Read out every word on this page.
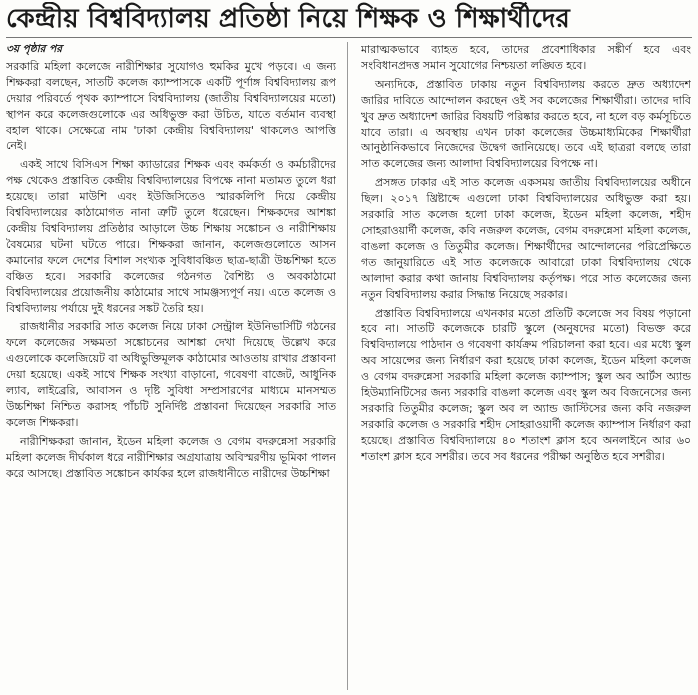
কেন্দ্রীয় বিশ্ববিদ্যালয় প্রতিষ্ঠা নিয়ে শিক্ষক ও শিক্ষার্থীদের
৩য় পৃষ্ঠার পর

সরকারি মহিলা কলেজে নারীশিক্ষার সুযোগও হুমকির মুখে পড়বে। এ জন্য শিক্ষকরা বলছেন, সাতটি কলেজ ক্যাম্পাসকে একটি পূর্ণাঙ্গ বিশ্ববিদ্যালয় রূপ দেয়ার পরিবর্তে পৃথক ক্যাম্পাসে বিশ্ববিদ্যালয় (জাতীয় বিশ্ববিদ্যালয়ের মতো) স্থাপন করে কলেজগুলোকে এর অধিভুক্ত করা উচিত, যাতে বর্তমান ব্যবস্থা বহাল থাকে। সেক্ষেত্রে নাম 'ঢাকা কেন্দ্রীয় বিশ্ববিদ্যালয়' থাকলেও আপত্তি নেই।

একই সাথে বিসিএস শিক্ষা ক্যাডারের শিক্ষক এবং কর্মকর্তা ও কর্মচারীদের পক্ষ থেকেও প্রস্তাবিত কেন্দ্রীয় বিশ্ববিদ্যালয়ের বিপক্ষে নানা মতামত তুলে ধরা হয়েছে। তারা মাউশি এবং ইউজিসিতেও স্মারকলিপি দিয়ে কেন্দ্রীয় বিশ্ববিদ্যালয়ের কাঠামোগত নানা ত্রুটি তুলে ধরেছেন। শিক্ষকদের আশঙ্কা কেন্দ্রীয় বিশ্ববিদ্যালয় প্রতিষ্ঠার আড়ালে উচ্চ শিক্ষায় সঙ্কোচন ও নারীশিক্ষায় বৈষম্যের ঘটনা ঘটতে পারে। শিক্ষকরা জানান, কলেজগুলোতে আসন কমানোর ফলে দেশের বিশাল সংখ্যক সুবিধাবঞ্চিত ছাত্র-ছাত্রী উচ্চশিক্ষা হতে বঞ্চিত হবে। সরকারি কলেজের গঠনগত বৈশিষ্ট্য ও অবকাঠামো বিশ্ববিদ্যালয়ের প্রয়োজনীয় কাঠামোর সাথে সামঞ্জস্যপূর্ণ নয়। এতে কলেজ ও বিশ্ববিদ্যালয় পর্যায়ে দুই ধরনের সঙ্কট তৈরি হয়।

রাজধানীর সরকারি সাত কলেজ নিয়ে ঢাকা সেন্ট্রাল ইউনিভার্সিটি গঠনের ফলে কলেজের সক্ষমতা সঙ্কোচনের আশঙ্কা দেখা দিয়েছে উল্লেখ করে এগুলোকে কলেজিয়েট বা অধিভুক্তিমূলক কাঠামোর আওতায় রাখার প্রস্তাবনা দেয়া হয়েছে। একই সাথে শিক্ষক সংখ্যা বাড়ানো, গবেষণা বাজেট, আধুনিক ল্যাব, লাইব্রেরি, আবাসন ও দৃষ্টি সুবিধা সম্প্রসারণের মাধ্যমে মানসম্মত উচ্চশিক্ষা নিশ্চিত করাসহ পাঁচটি সুনির্দিষ্ট প্রস্তাবনা দিয়েছেন সরকারি সাত কলেজ শিক্ষকরা।

নারীশিক্ষকরা জানান, ইডেন মহিলা কলেজ ও বেগম বদরুন্নেসা সরকারি মহিলা কলেজ দীর্ঘকাল ধরে নারীশিক্ষার অগ্রযাত্রায় অবিস্মরণীয় ভূমিকা পালন করে আসছে। প্রস্তাবিত সঙ্কোচন কার্যকর হলে রাজধানীতে নারীদের উচ্চশিক্ষা

মারাত্মকভাবে ব্যাহত হবে, তাদের প্রবেশাধিকার সঙ্কীর্ণ হবে এবং সংবিধানপ্রদত্ত সমান সুযোগের নিশ্চয়তা লঙ্ঘিত হবে।

অন্যদিকে, প্রস্তাবিত ঢাকায় নতুন বিশ্ববিদ্যালয় করতে দ্রুত অধ্যাদেশ জারির দাবিতে আন্দোলন করছেন ওই সব কলেজের শিক্ষার্থীরা। তাদের দাবি খুব দ্রুত অধ্যাদেশ জারির বিষয়টি পরিষ্কার করতে হবে, না হলে বড় কর্মসূচিতে যাবে তারা। এ অবস্থায় এখন ঢাকা কলেজের উচ্চমাধ্যমিকের শিক্ষার্থীরা আনুষ্ঠানিকভাবে নিজেদের উদ্বেগ জানিয়েছে। তবে এই ছাত্ররা বলছে তারা সাত কলেজের জন্য আলাদা বিশ্ববিদ্যালয়ের বিপক্ষে না।

প্রসঙ্গত ঢাকার এই সাত কলেজ একসময় জাতীয় বিশ্ববিদ্যালয়ের অধীনে ছিল। ২০১৭ খ্রিষ্টাব্দে এগুলো ঢাকা বিশ্ববিদ্যালয়ের অধিভুক্ত করা হয়। সরকারি সাত কলেজ হলো ঢাকা কলেজ, ইডেন মহিলা কলেজ, শহীদ সোহরাওয়ার্দী কলেজ, কবি নজরুল কলেজ, বেগম বদরুন্নেসা মহিলা কলেজ, বাঙলা কলেজ ও তিতুমীর কলেজ। শিক্ষার্থীদের আন্দোলনের পরিপ্রেক্ষিতে গত জানুয়ারিতে এই সাত কলেজকে আবারো ঢাকা বিশ্ববিদ্যালয় থেকে আলাদা করার কথা জানায় বিশ্ববিদ্যালয় কর্তৃপক্ষ। পরে সাত কলেজের জন্য নতুন বিশ্ববিদ্যালয় করার সিদ্ধান্ত নিয়েছে সরকার।

প্রস্তাবিত বিশ্ববিদ্যালয়ে এখনকার মতো প্রতিটি কলেজে সব বিষয় পড়ানো হবে না। সাতটি কলেজকে চারটি স্কুলে (অনুষদের মতো) বিভক্ত করে বিশ্ববিদ্যালয়ে পাঠদান ও গবেষণা কার্যক্রম পরিচালনা করা হবে। এর মধ্যে স্কুল অব সায়েন্সের জন্য নির্ধারণ করা হয়েছে ঢাকা কলেজ, ইডেন মহিলা কলেজ ও বেগম বদরুন্নেসা সরকারি মহিলা কলেজ ক্যাম্পাস; স্কুল অব আর্টস অ্যান্ড হিউম্যানিটিসের জন্য সরকারি বাঙলা কলেজ এবং স্কুল অব বিজনেসের জন্য সরকারি তিতুমীর কলেজ; স্কুল অব ল অ্যান্ড জাস্টিসের জন্য কবি নজরুল সরকারি কলেজ ও সরকারি শহীদ সোহরাওয়ার্দী কলেজ ক্যাম্পাস নির্ধারণ করা হয়েছে। প্রস্তাবিত বিশ্ববিদ্যালয়ে ৪০ শতাংশ ক্লাস হবে অনলাইনে আর ৬০ শতাংশ ক্লাস হবে সশরীর। তবে সব ধরনের পরীক্ষা অনুষ্ঠিত হবে সশরীর।
